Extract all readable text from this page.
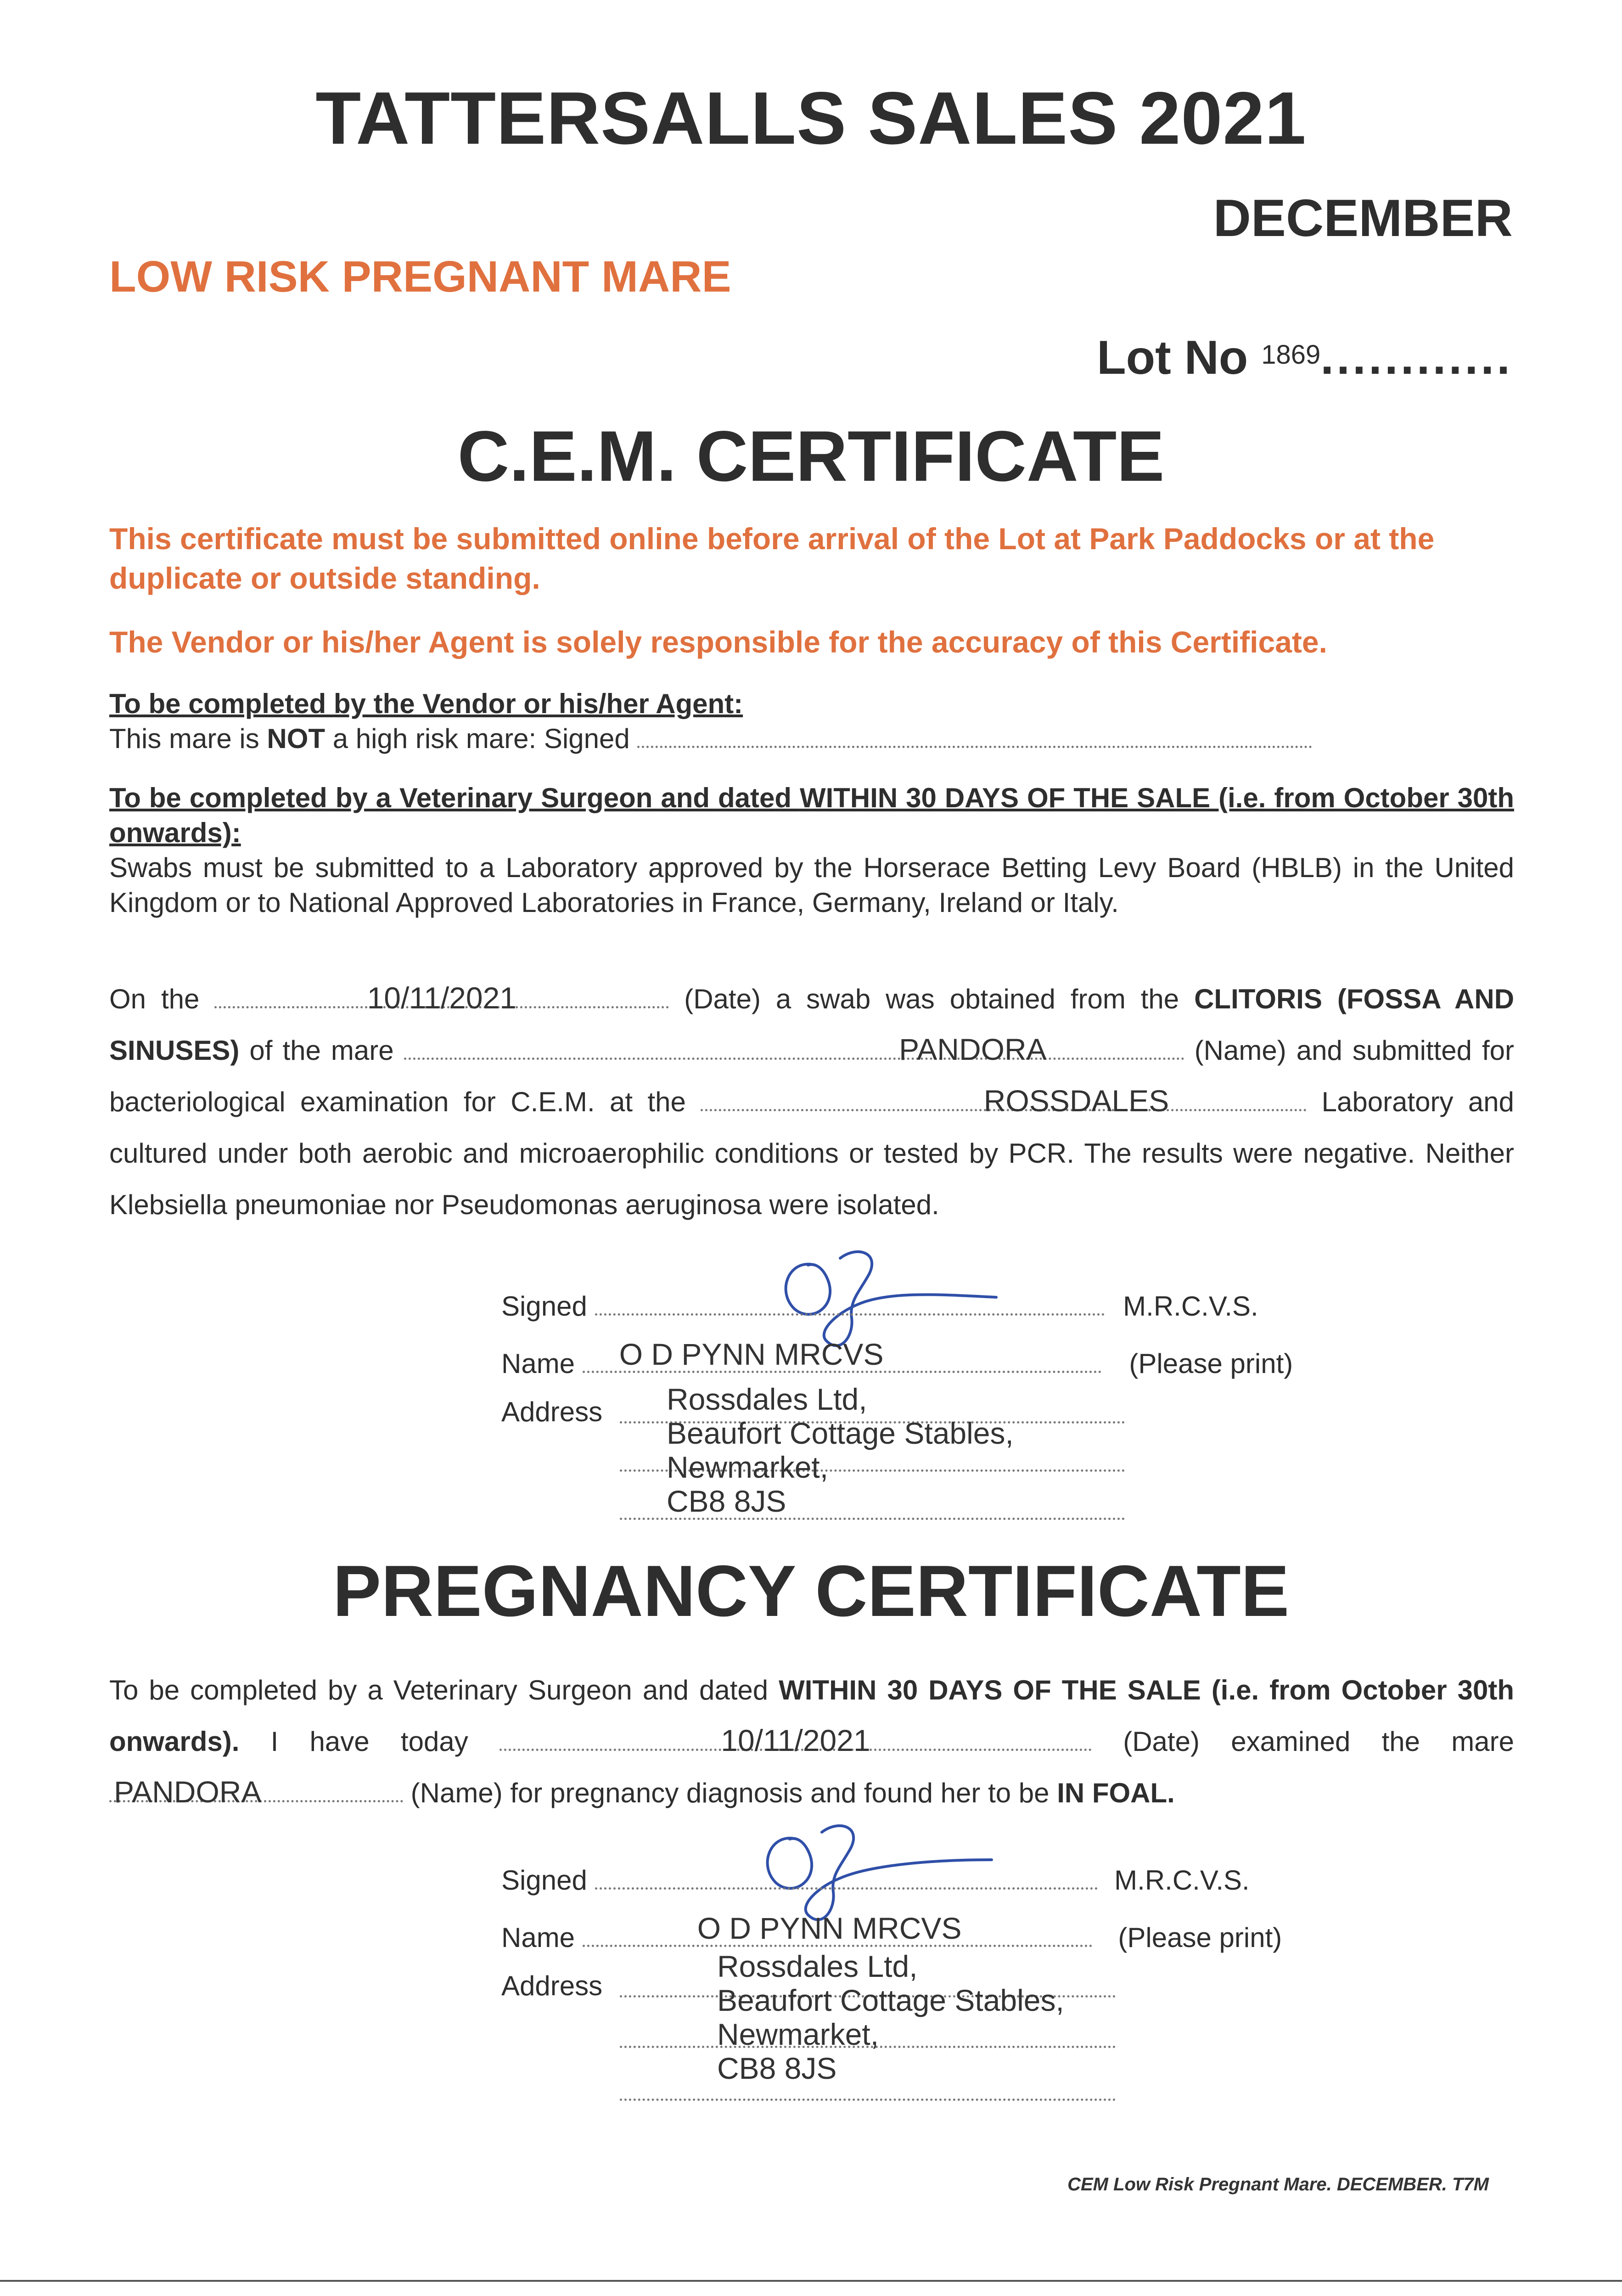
TATTERSALLS SALES 2021
DECEMBER
LOW RISK PREGNANT MARE
Lot No $^{1869}$............
C.E.M. CERTIFICATE
This certificate must be submitted online before arrival of the Lot at Park Paddocks or at the duplicate or outside standing.
The Vendor or his/her Agent is solely responsible for the accuracy of this Certificate.
To be completed by the Vendor or his/her Agent:
This mare is NOT a high risk mare: Signed
To be completed by a Veterinary Surgeon and dated WITHIN 30 DAYS OF THE SALE (i.e. from October 30th onwards):
Swabs must be submitted to a Laboratory approved by the Horserace Betting Levy Board (HBLB) in the United Kingdom or to National Approved Laboratories in France, Germany, Ireland or Italy.
On the	10/11/2021	(Date) a swab was obtained from the CLITORIS (FOSSA AND SINUSES) of the mare	PANDORA	(Name) and submitted for bacteriological examination for C.E.M. at the	ROSSDALES	Laboratory and cultured under both aerobic and microaerophilic conditions or tested by PCR. The results were negative. Neither Klebsiella pneumoniae nor Pseudomonas aeruginosa were isolated.
Signed	M.R.C.V.S.
Name	O D PYNN MRCVS	(Please print)
Address Rossdales Ltd,
Beaufort Cottage Stables,
Newmarket,
CB8 8JS
PREGNANCY CERTIFICATE
To be completed by a Veterinary Surgeon and dated WITHIN 30 DAYS OF THE SALE (i.e. from October 30th onwards). I have today	10/11/2021	(Date) examined the mare
PANDORA	(Name) for pregnancy diagnosis and found her to be IN FOAL.
Signed	M.R.C.V.S.
Name	O D PYNN MRCVS	(Please print)
Address
Rossdales Ltd,
Beaufort Cottage Stables,
Newmarket,
CB8 8JS
CEM Low Risk Pregnant Mare. DECEMBER. T7M
